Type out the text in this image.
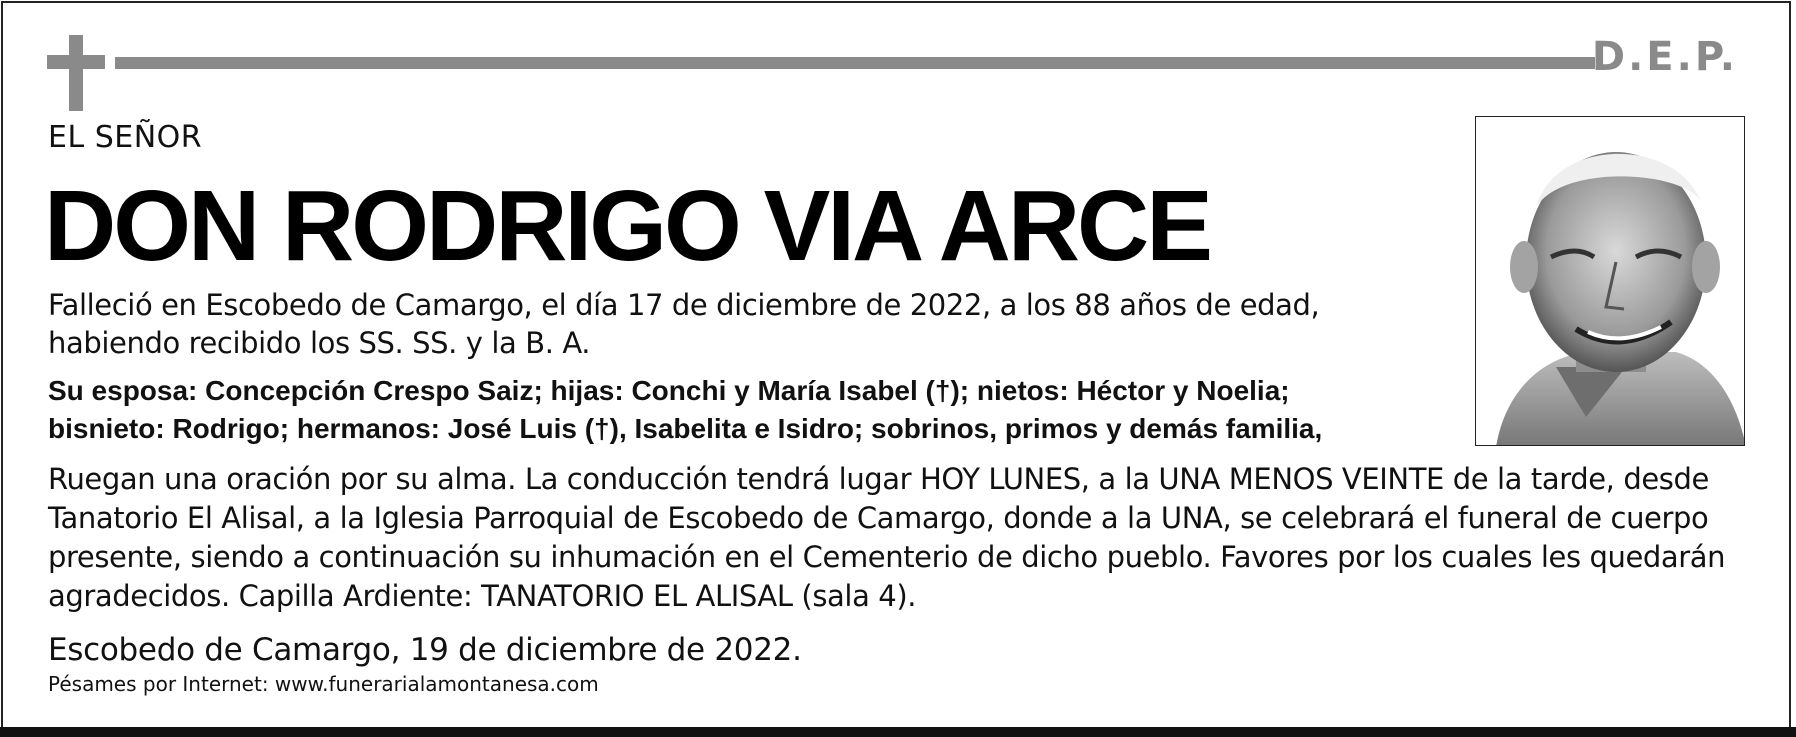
D.E.P.
EL SEÑOR
DON RODRIGO VIA ARCE
Falleció en Escobedo de Camargo, el día 17 de diciembre de 2022, a los 88 años de edad,
habiendo recibido los SS. SS. y la B. A.
Su esposa: Concepción Crespo Saiz; hijas: Conchi y María Isabel (†); nietos: Héctor y Noelia;
bisnieto: Rodrigo; hermanos: José Luis (†), Isabelita e Isidro; sobrinos, primos y demás familia,
Ruegan una oración por su alma. La conducción tendrá lugar HOY LUNES, a la UNA MENOS VEINTE de la tarde, desde
Tanatorio El Alisal, a la Iglesia Parroquial de Escobedo de Camargo, donde a la UNA, se celebrará el funeral de cuerpo
presente, siendo a continuación su inhumación en el Cementerio de dicho pueblo. Favores por los cuales les quedarán
agradecidos. Capilla Ardiente: TANATORIO EL ALISAL (sala 4).
Escobedo de Camargo, 19 de diciembre de 2022.
Pésames por Internet: www.funerarialamontanesa.com
